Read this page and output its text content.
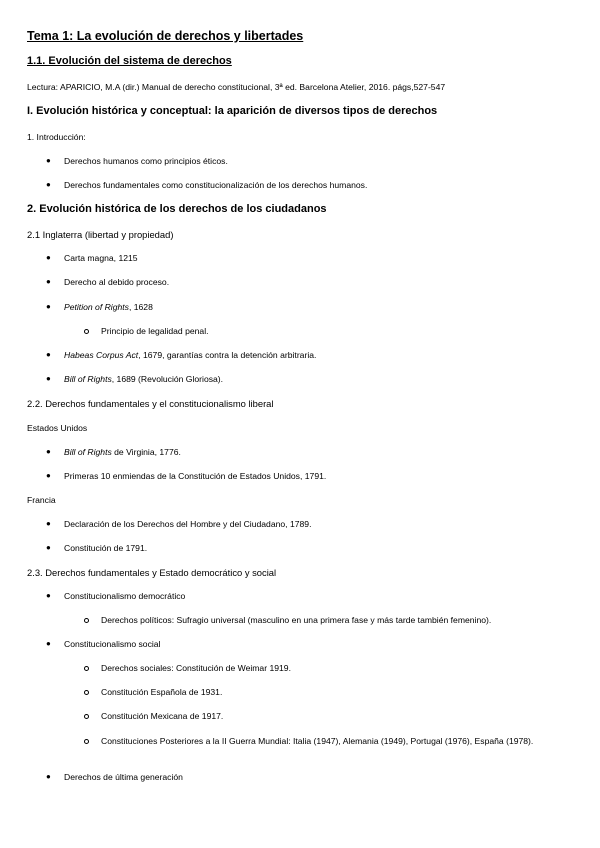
Tema 1: La evolución de derechos y libertades
1.1. Evolución del sistema de derechos
Lectura: APARICIO, M.A (dir.) Manual de derecho constitucional, 3ª ed. Barcelona Atelier, 2016. págs,527-547
I. Evolución histórica y conceptual: la aparición de diversos tipos de derechos
1. Introducción:
● Derechos humanos como principios éticos.
● Derechos fundamentales como constitucionalización de los derechos humanos.
2. Evolución histórica de los derechos de los ciudadanos
2.1 Inglaterra (libertad y propiedad)
● Carta magna, 1215
● Derecho al debido proceso.
● Petition of Rights, 1628
Principio de legalidad penal.
● Habeas Corpus Act, 1679, garantías contra la detención arbitraria.
● Bill of Rights, 1689 (Revolución Gloriosa).
2.2. Derechos fundamentales y el constitucionalismo liberal
Estados Unidos
● Bill of Rights de Virginia, 1776.
● Primeras 10 enmiendas de la Constitución de Estados Unidos, 1791.
Francia
● Declaración de los Derechos del Hombre y del Ciudadano, 1789.
● Constitución de 1791.
2.3. Derechos fundamentales y Estado democrático y social
● Constitucionalismo democrático
Derechos políticos: Sufragio universal (masculino en una primera fase y más tarde también femenino).
● Constitucionalismo social
Derechos sociales: Constitución de Weimar 1919.
Constitución Española de 1931.
Constitución Mexicana de 1917.
Constituciones Posteriores a la II Guerra Mundial: Italia (1947), Alemania (1949), Portugal (1976), España (1978).
● Derechos de última generación
